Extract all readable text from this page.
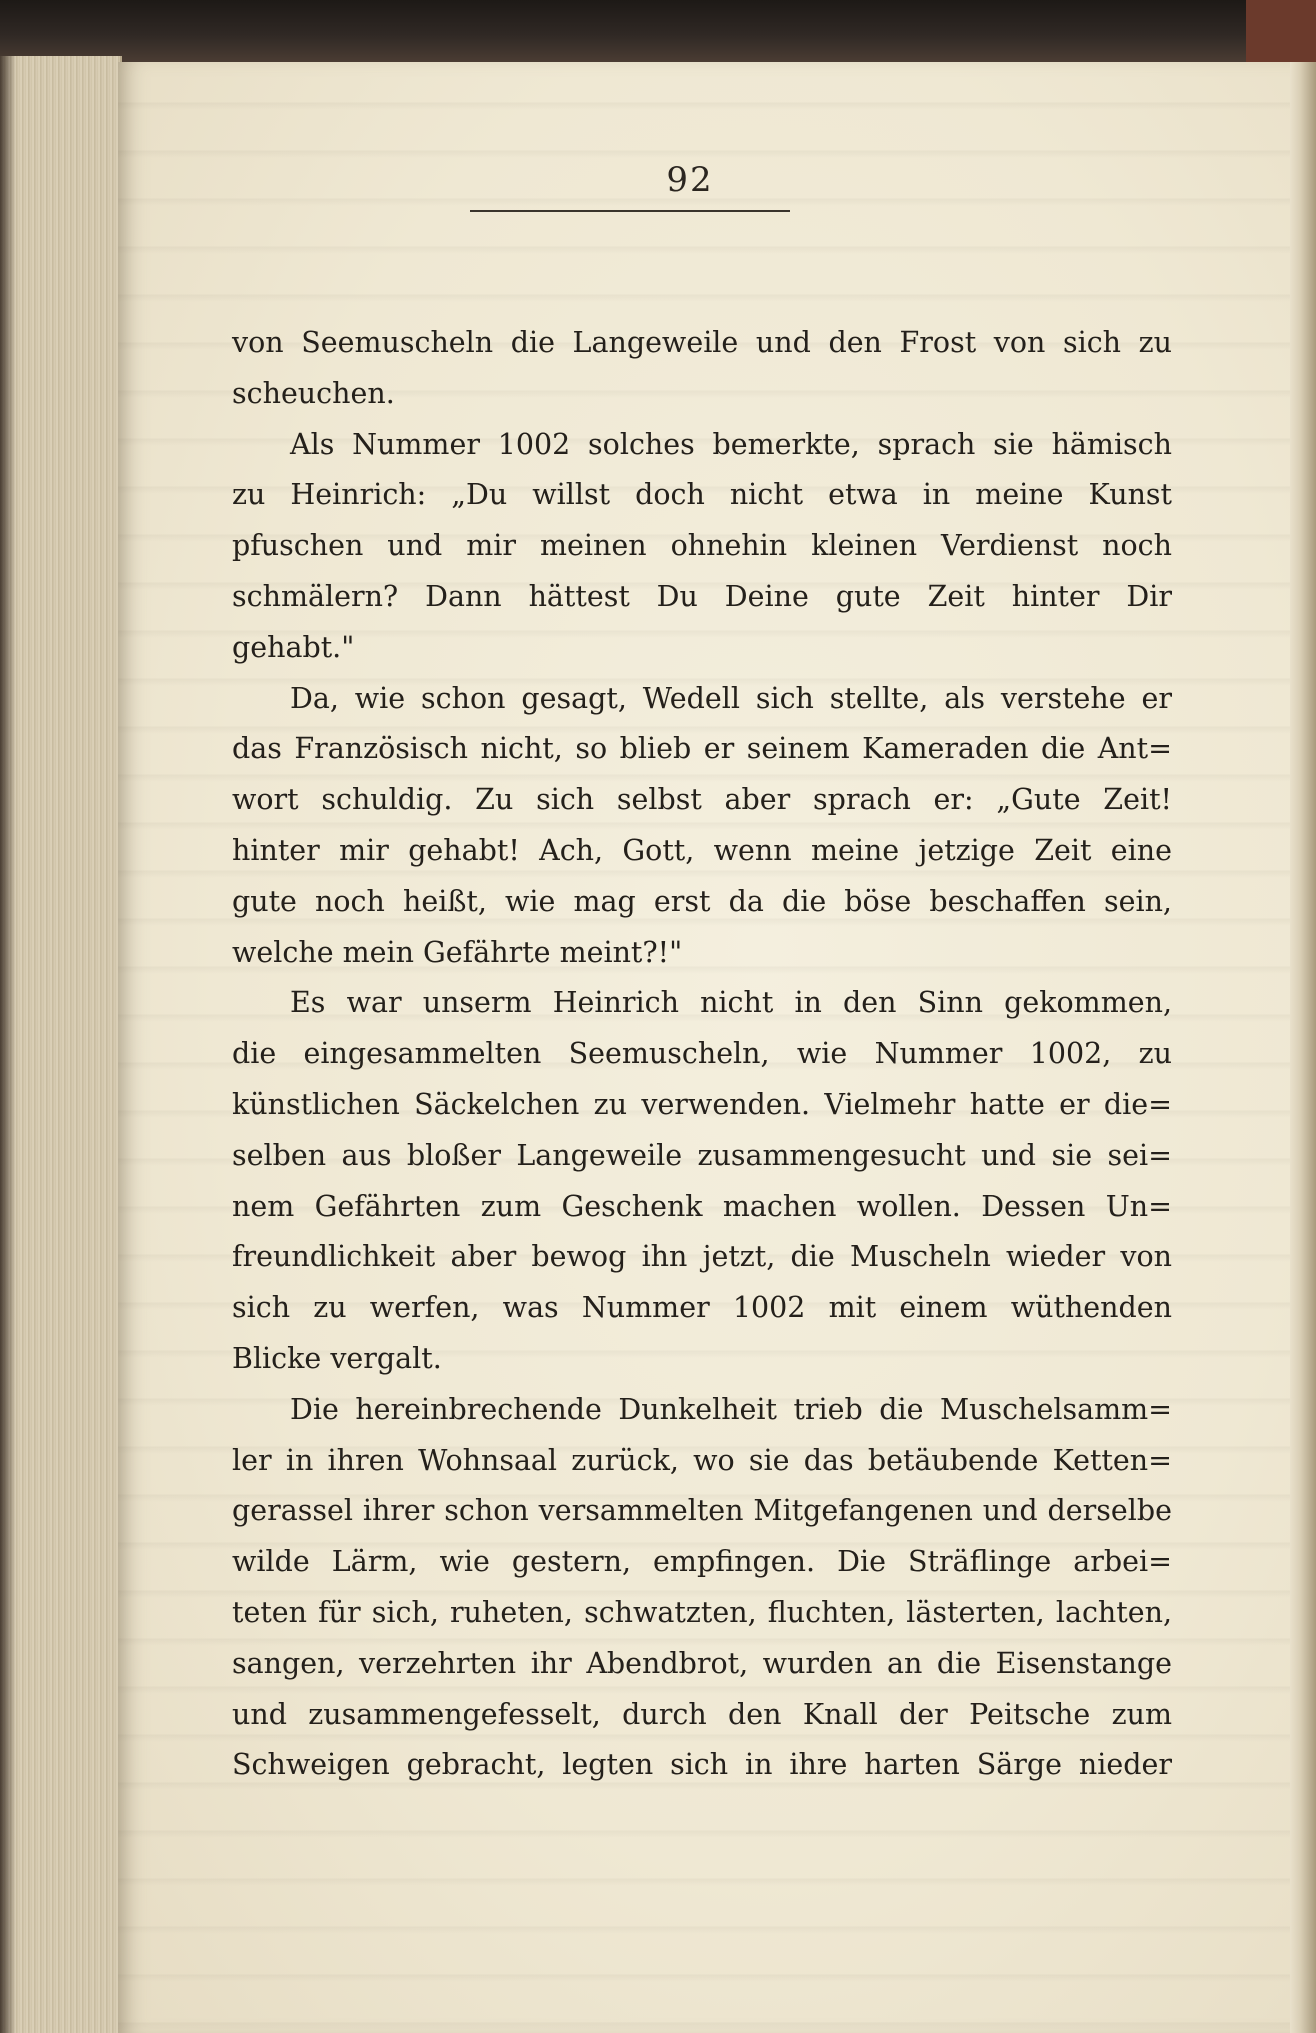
92
von Seemuscheln die Langeweile und den Frost von sich zu
scheuchen.
Als Nummer 1002 solches bemerkte, sprach sie hämisch
zu Heinrich: „Du willst doch nicht etwa in meine Kunst
pfuschen und mir meinen ohnehin kleinen Verdienst noch
schmälern? Dann hättest Du Deine gute Zeit hinter Dir
gehabt."
Da, wie schon gesagt, Wedell sich stellte, als verstehe er
das Französisch nicht, so blieb er seinem Kameraden die Ant=
wort schuldig. Zu sich selbst aber sprach er: „Gute Zeit!
hinter mir gehabt! Ach, Gott, wenn meine jetzige Zeit eine
gute noch heißt, wie mag erst da die böse beschaffen sein,
welche mein Gefährte meint?!"
Es war unserm Heinrich nicht in den Sinn gekommen,
die eingesammelten Seemuscheln, wie Nummer 1002, zu
künstlichen Säckelchen zu verwenden. Vielmehr hatte er die=
selben aus bloßer Langeweile zusammengesucht und sie sei=
nem Gefährten zum Geschenk machen wollen. Dessen Un=
freundlichkeit aber bewog ihn jetzt, die Muscheln wieder von
sich zu werfen, was Nummer 1002 mit einem wüthenden
Blicke vergalt.
Die hereinbrechende Dunkelheit trieb die Muschelsamm=
ler in ihren Wohnsaal zurück, wo sie das betäubende Ketten=
gerassel ihrer schon versammelten Mitgefangenen und derselbe
wilde Lärm, wie gestern, empfingen. Die Sträflinge arbei=
teten für sich, ruheten, schwatzten, fluchten, lästerten, lachten,
sangen, verzehrten ihr Abendbrot, wurden an die Eisenstange
und zusammengefesselt, durch den Knall der Peitsche zum
Schweigen gebracht, legten sich in ihre harten Särge nieder
